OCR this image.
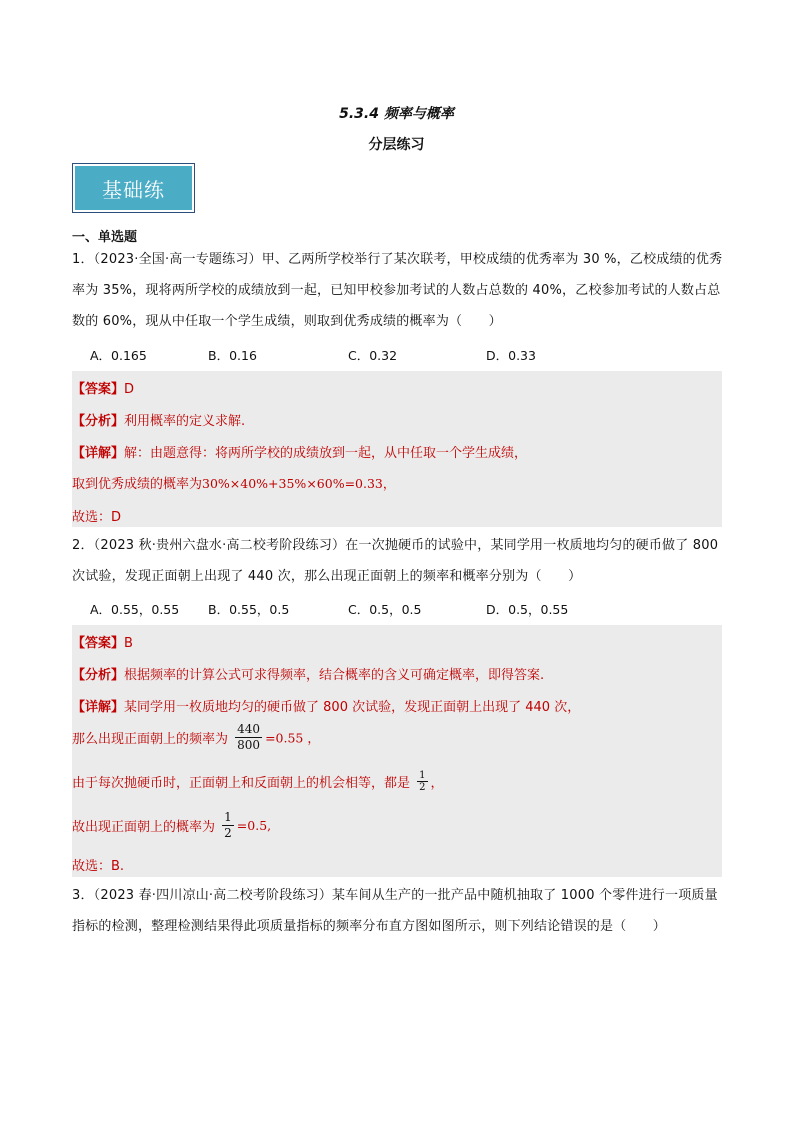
5.3.4 频率与概率
分层练习
基础练
一、单选题
1．（2023·全国·高一专题练习）甲、乙两所学校举行了某次联考，甲校成绩的优秀率为 30 %，乙校成绩的优秀率为 35%，现将两所学校的成绩放到一起，已知甲校参加考试的人数占总数的 40%，乙校参加考试的人数占总数的 60%，现从中任取一个学生成绩，则取到优秀成绩的概率为（　　）
A．0.165	B．0.16	C．0.32	D．0.33
【答案】D
【分析】利用概率的定义求解.
【详解】解：由题意得：将两所学校的成绩放到一起，从中任取一个学生成绩，
取到优秀成绩的概率为30%×40%+35%×60%=0.33，
故选：D
2．（2023 秋·贵州六盘水·高二校考阶段练习）在一次抛硬币的试验中，某同学用一枚质地均匀的硬币做了 800 次试验，发现正面朝上出现了 440 次，那么出现正面朝上的频率和概率分别为（　　）
A．0.55，0.55	B．0.55，0.5	C．0.5，0.5	D．0.5，0.55
【答案】B
【分析】根据频率的计算公式可求得频率，结合概率的含义可确定概率，即得答案.
【详解】某同学用一枚质地均匀的硬币做了 800 次试验，发现正面朝上出现了 440 次，
那么出现正面朝上的频率为 $\frac{440}{800} =0.55$ ，
由于每次抛硬币时，正面朝上和反面朝上的机会相等，都是 $\frac{1}{2}$ ，
故出现正面朝上的概率为 $\frac{1}{2} =0.5$,
故选：B.
3．（2023 春·四川凉山·高二校考阶段练习）某车间从生产的一批产品中随机抽取了 1000 个零件进行一项质量指标的检测，整理检测结果得此项质量指标的频率分布直方图如图所示，则下列结论错误的是（　　）
